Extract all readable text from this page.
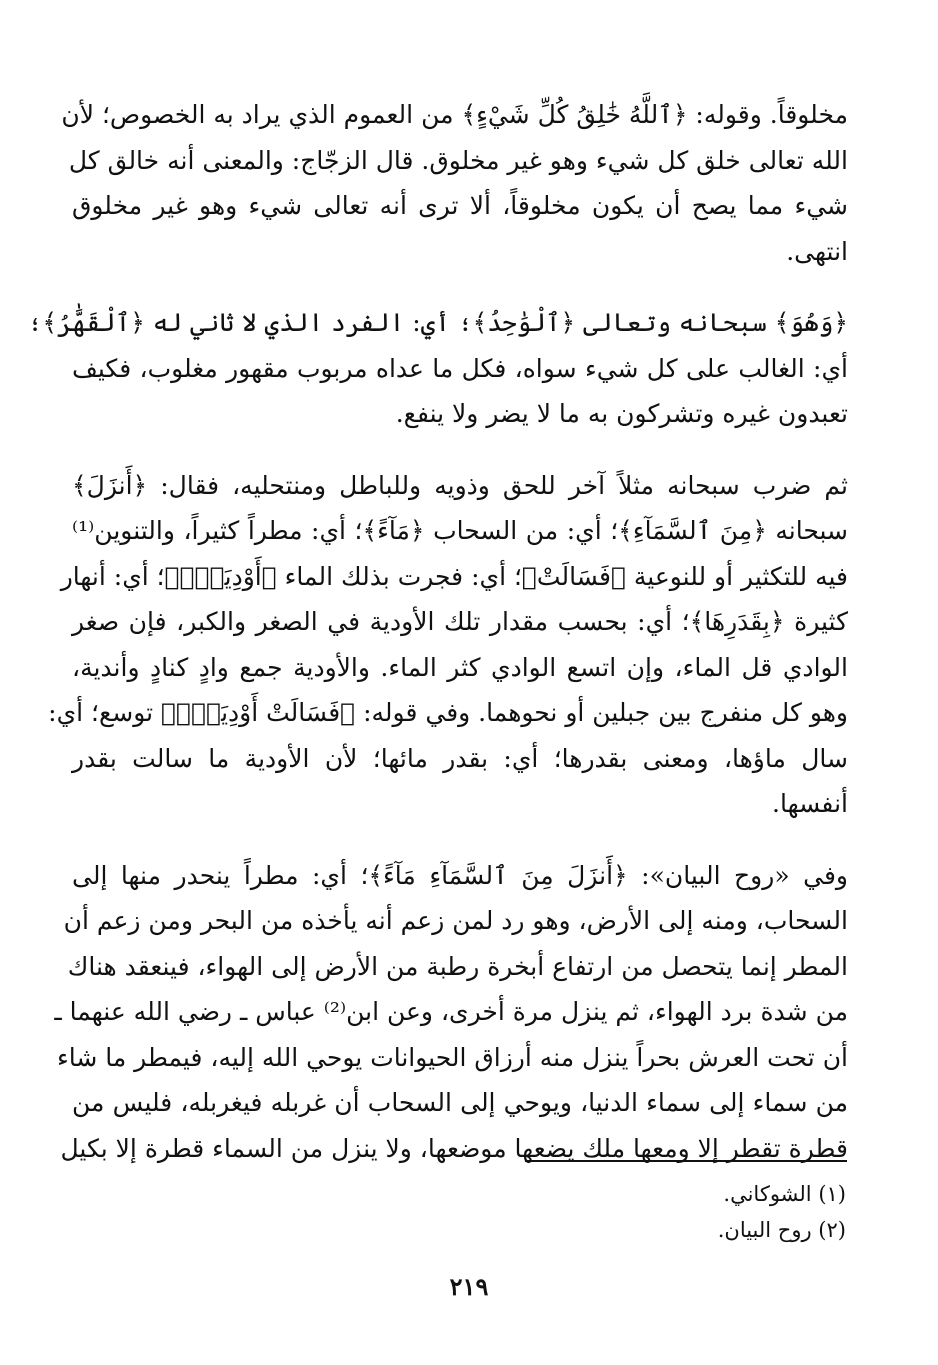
مخلوقاً. وقوله: ﴿ٱللَّهُ خَٰلِقُ كُلِّ شَيْءٍ﴾ من العموم الذي يراد به الخصوص؛ لأن
الله تعالى خلق كل شيء وهو غير مخلوق. قال الزجّاج: والمعنى أنه خالق كل
شيء مما يصح أن يكون مخلوقاً، ألا ترى أنه تعالى شيء وهو غير مخلوق
انتهى.

﴿وَهُوَ﴾ سبحانه وتعالى ﴿ٱلْوَٰحِدُ﴾؛ أي: الفرد الذي لا ثاني له ﴿ٱلْقَهَّٰرُ﴾؛
أي: الغالب على كل شيء سواه، فكل ما عداه مربوب مقهور مغلوب، فكيف
تعبدون غيره وتشركون به ما لا يضر ولا ينفع.

ثم ضرب سبحانه مثلاً آخر للحق وذويه وللباطل ومنتحليه، فقال: ﴿أَنزَلَ﴾
سبحانه ﴿مِنَ ٱلسَّمَآءِ﴾؛ أي: من السحاب ﴿مَآءً﴾؛ أي: مطراً كثيراً، والتنوين⁽¹⁾
فيه للتكثير أو للنوعية ﴿فَسَالَتْ﴾؛ أي: فجرت بذلك الماء ﴿أَوْدِيَةٌۢ﴾؛ أي: أنهار
كثيرة ﴿بِقَدَرِهَا﴾؛ أي: بحسب مقدار تلك الأودية في الصغر والكبر، فإن صغر
الوادي قل الماء، وإن اتسع الوادي كثر الماء. والأودية جمع وادٍ كنادٍ وأندية،
وهو كل منفرج بين جبلين أو نحوهما. وفي قوله: ﴿فَسَالَتْ أَوْدِيَةٌۢ﴾ توسع؛ أي:
سال ماؤها، ومعنى بقدرها؛ أي: بقدر مائها؛ لأن الأودية ما سالت بقدر
أنفسها.

وفي «روح البيان»: ﴿أَنزَلَ مِنَ ٱلسَّمَآءِ مَآءً﴾؛ أي: مطراً ينحدر منها إلى
السحاب، ومنه إلى الأرض، وهو رد لمن زعم أنه يأخذه من البحر ومن زعم أن
المطر إنما يتحصل من ارتفاع أبخرة رطبة من الأرض إلى الهواء، فينعقد هناك
من شدة برد الهواء، ثم ينزل مرة أخرى، وعن ابن⁽²⁾ عباس ـ رضي الله عنهما ـ
أن تحت العرش بحراً ينزل منه أرزاق الحيوانات يوحي الله إليه، فيمطر ما شاء
من سماء إلى سماء الدنيا، ويوحي إلى السحاب أن غربله فيغربله، فليس من
قطرة تقطر إلا ومعها ملك يضعها موضعها، ولا ينزل من السماء قطرة إلا بكيل

(١) الشوكاني.
(٢) روح البيان.
٢١٩
